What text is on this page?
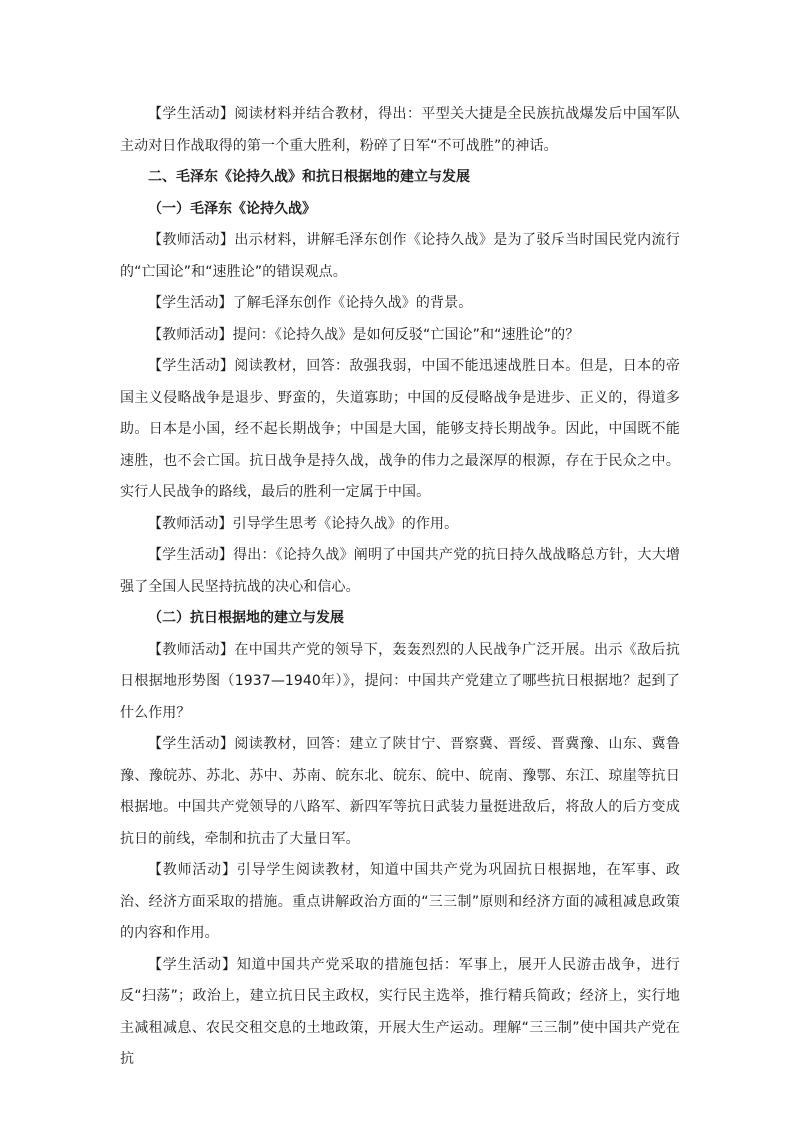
【学生活动】阅读材料并结合教材，得出：平型关大捷是全民族抗战爆发后中国军队主动对日作战取得的第一个重大胜利，粉碎了日军“不可战胜”的神话。

二、毛泽东《论持久战》和抗日根据地的建立与发展

（一）毛泽东《论持久战》

【教师活动】出示材料，讲解毛泽东创作《论持久战》是为了驳斥当时国民党内流行的“亡国论”和“速胜论”的错误观点。

【学生活动】了解毛泽东创作《论持久战》的背景。

【教师活动】提问：《论持久战》是如何反驳“亡国论”和“速胜论”的？

【学生活动】阅读教材，回答：敌强我弱，中国不能迅速战胜日本。但是，日本的帝国主义侵略战争是退步、野蛮的，失道寡助；中国的反侵略战争是进步、正义的，得道多助。日本是小国，经不起长期战争；中国是大国，能够支持长期战争。因此，中国既不能速胜，也不会亡国。抗日战争是持久战，战争的伟力之最深厚的根源，存在于民众之中。实行人民战争的路线，最后的胜利一定属于中国。

【教师活动】引导学生思考《论持久战》的作用。

【学生活动】得出：《论持久战》阐明了中国共产党的抗日持久战战略总方针，大大增强了全国人民坚持抗战的决心和信心。

（二）抗日根据地的建立与发展

【教师活动】在中国共产党的领导下，轰轰烈烈的人民战争广泛开展。出示《敌后抗日根据地形势图（1937—1940年）》，提问：中国共产党建立了哪些抗日根据地？起到了什么作用？

【学生活动】阅读教材，回答：建立了陕甘宁、晋察冀、晋绥、晋冀豫、山东、冀鲁豫、豫皖苏、苏北、苏中、苏南、皖东北、皖东、皖中、皖南、豫鄂、东江、琼崖等抗日根据地。中国共产党领导的八路军、新四军等抗日武装力量挺进敌后，将敌人的后方变成抗日的前线，牵制和抗击了大量日军。

【教师活动】引导学生阅读教材，知道中国共产党为巩固抗日根据地，在军事、政治、经济方面采取的措施。重点讲解政治方面的“三三制”原则和经济方面的减租减息政策的内容和作用。

【学生活动】知道中国共产党采取的措施包括：军事上，展开人民游击战争，进行反“扫荡”；政治上，建立抗日民主政权，实行民主选举，推行精兵简政；经济上，实行地主减租减息、农民交租交息的土地政策，开展大生产运动。理解“三三制”使中国共产党在抗
